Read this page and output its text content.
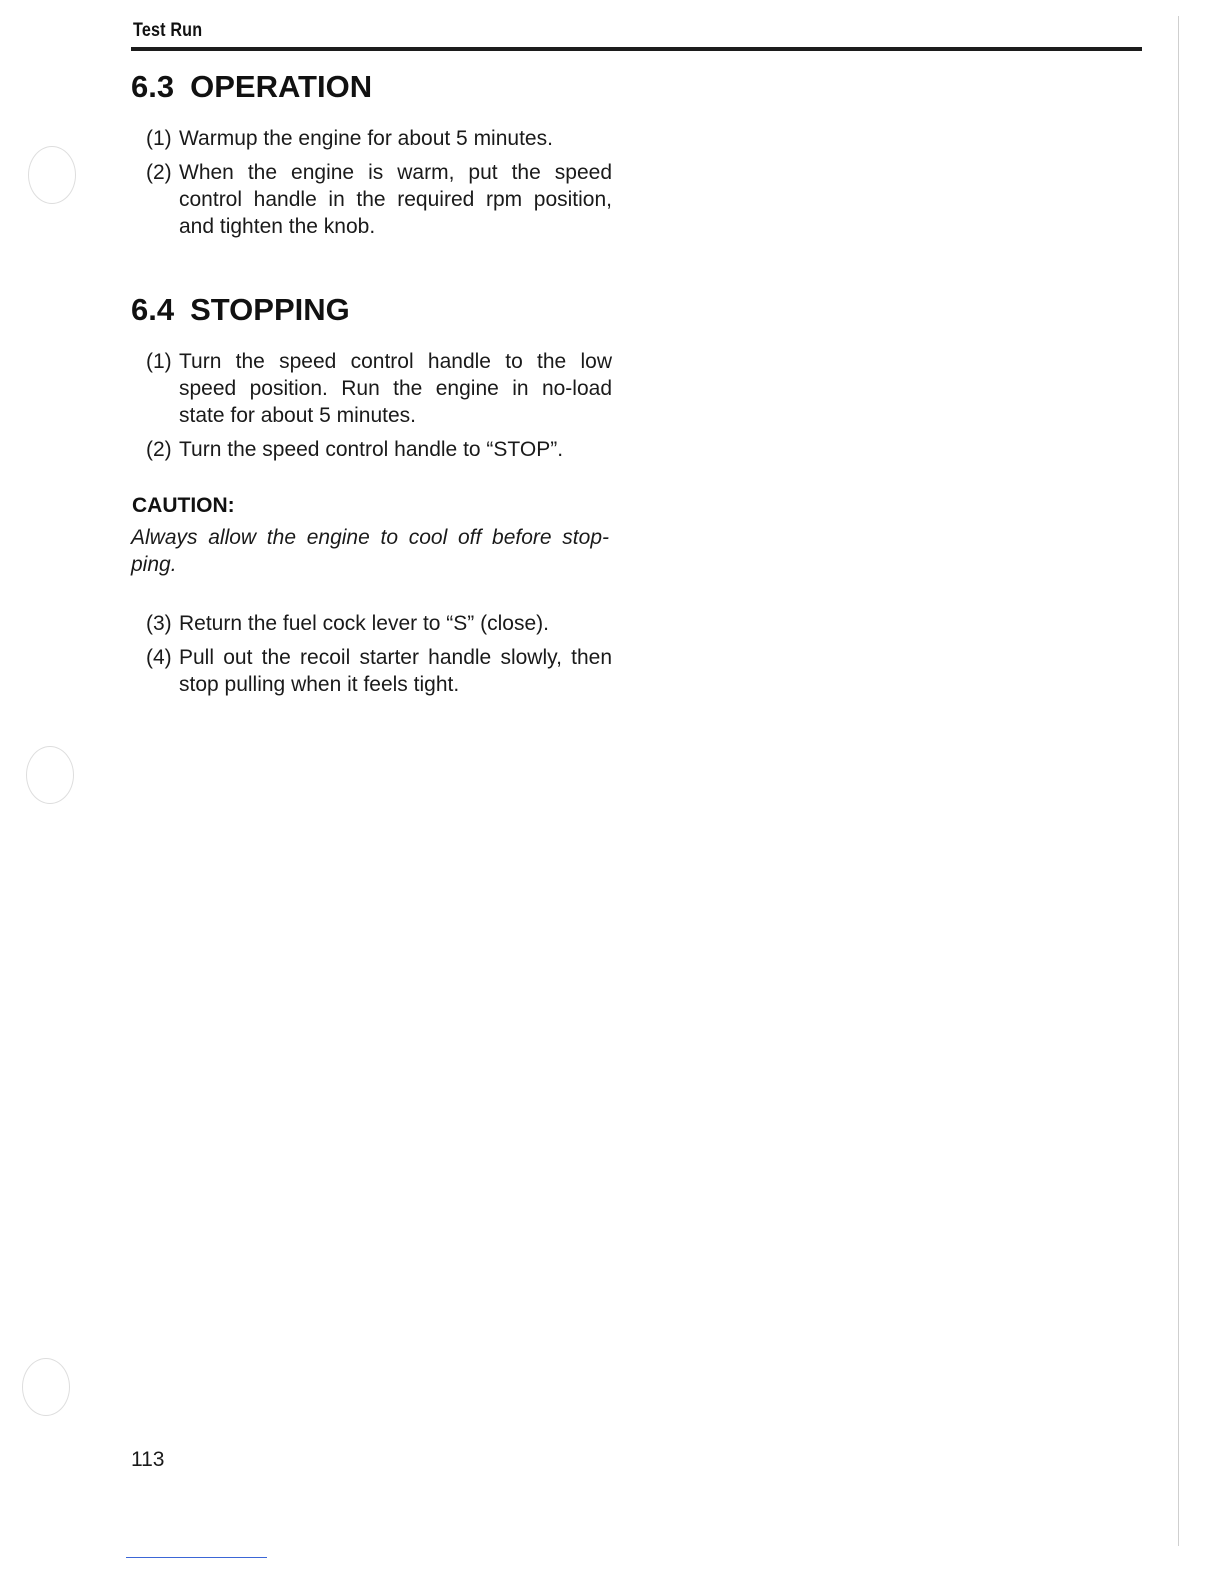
Test Run
6.3 OPERATION
(1) Warmup the engine for about 5 minutes.
(2) When the engine is warm, put the speed control handle in the required rpm position, and tighten the knob.
6.4 STOPPING
(1) Turn the speed control handle to the low speed position. Run the engine in no-load state for about 5 minutes.
(2) Turn the speed control handle to “STOP”.
CAUTION:

Always allow the engine to cool off before stop-ping.

(3) Return the fuel cock lever to “S” (close).
(4) Pull out the recoil starter handle slowly, then stop pulling when it feels tight.
113
